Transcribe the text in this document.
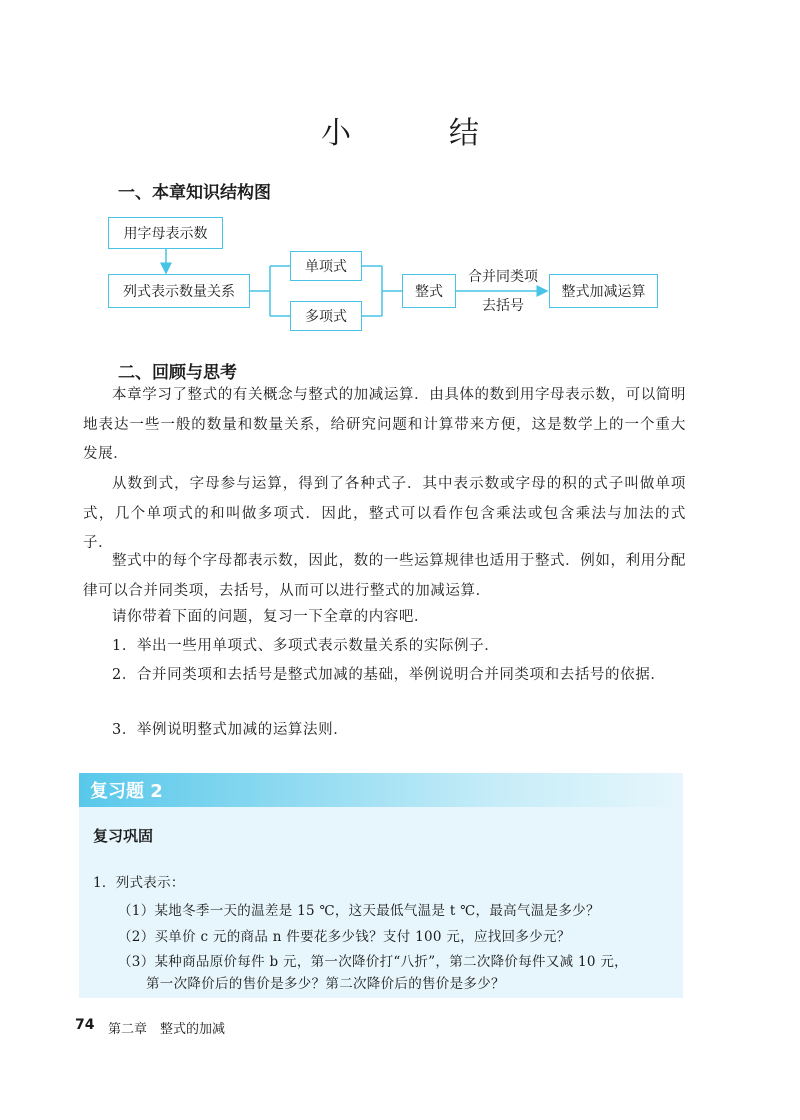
小　结
一、本章知识结构图
用字母表示数
列式表示数量关系
单项式
多项式
整式
合并同类项
去括号
整式加减运算
二、回顾与思考

本章学习了整式的有关概念与整式的加减运算．由具体的数到用字母表示数，可以简明地表达一些一般的数量和数量关系，给研究问题和计算带来方便，这是数学上的一个重大发展．

从数到式，字母参与运算，得到了各种式子．其中表示数或字母的积的式子叫做单项式，几个单项式的和叫做多项式．因此，整式可以看作包含乘法或包含乘法与加法的式子．

整式中的每个字母都表示数，因此，数的一些运算规律也适用于整式．例如，利用分配律可以合并同类项，去括号，从而可以进行整式的加减运算．

请你带着下面的问题，复习一下全章的内容吧．

1．举出一些用单项式、多项式表示数量关系的实际例子．

2．合并同类项和去括号是整式加减的基础，举例说明合并同类项和去括号的依据．

3．举例说明整式加减的运算法则．

复习题 2
复习巩固

1．列式表示：

（1）某地冬季一天的温差是 15 ℃，这天最低气温是 t ℃，最高气温是多少？

（2）买单价 c 元的商品 n 件要花多少钱？支付 100 元，应找回多少元？

（3）某种商品原价每件 b 元，第一次降价打“八折”，第二次降价每件又减 10 元，

第一次降价后的售价是多少？第二次降价后的售价是多少？

74 第二章　整式的加减
